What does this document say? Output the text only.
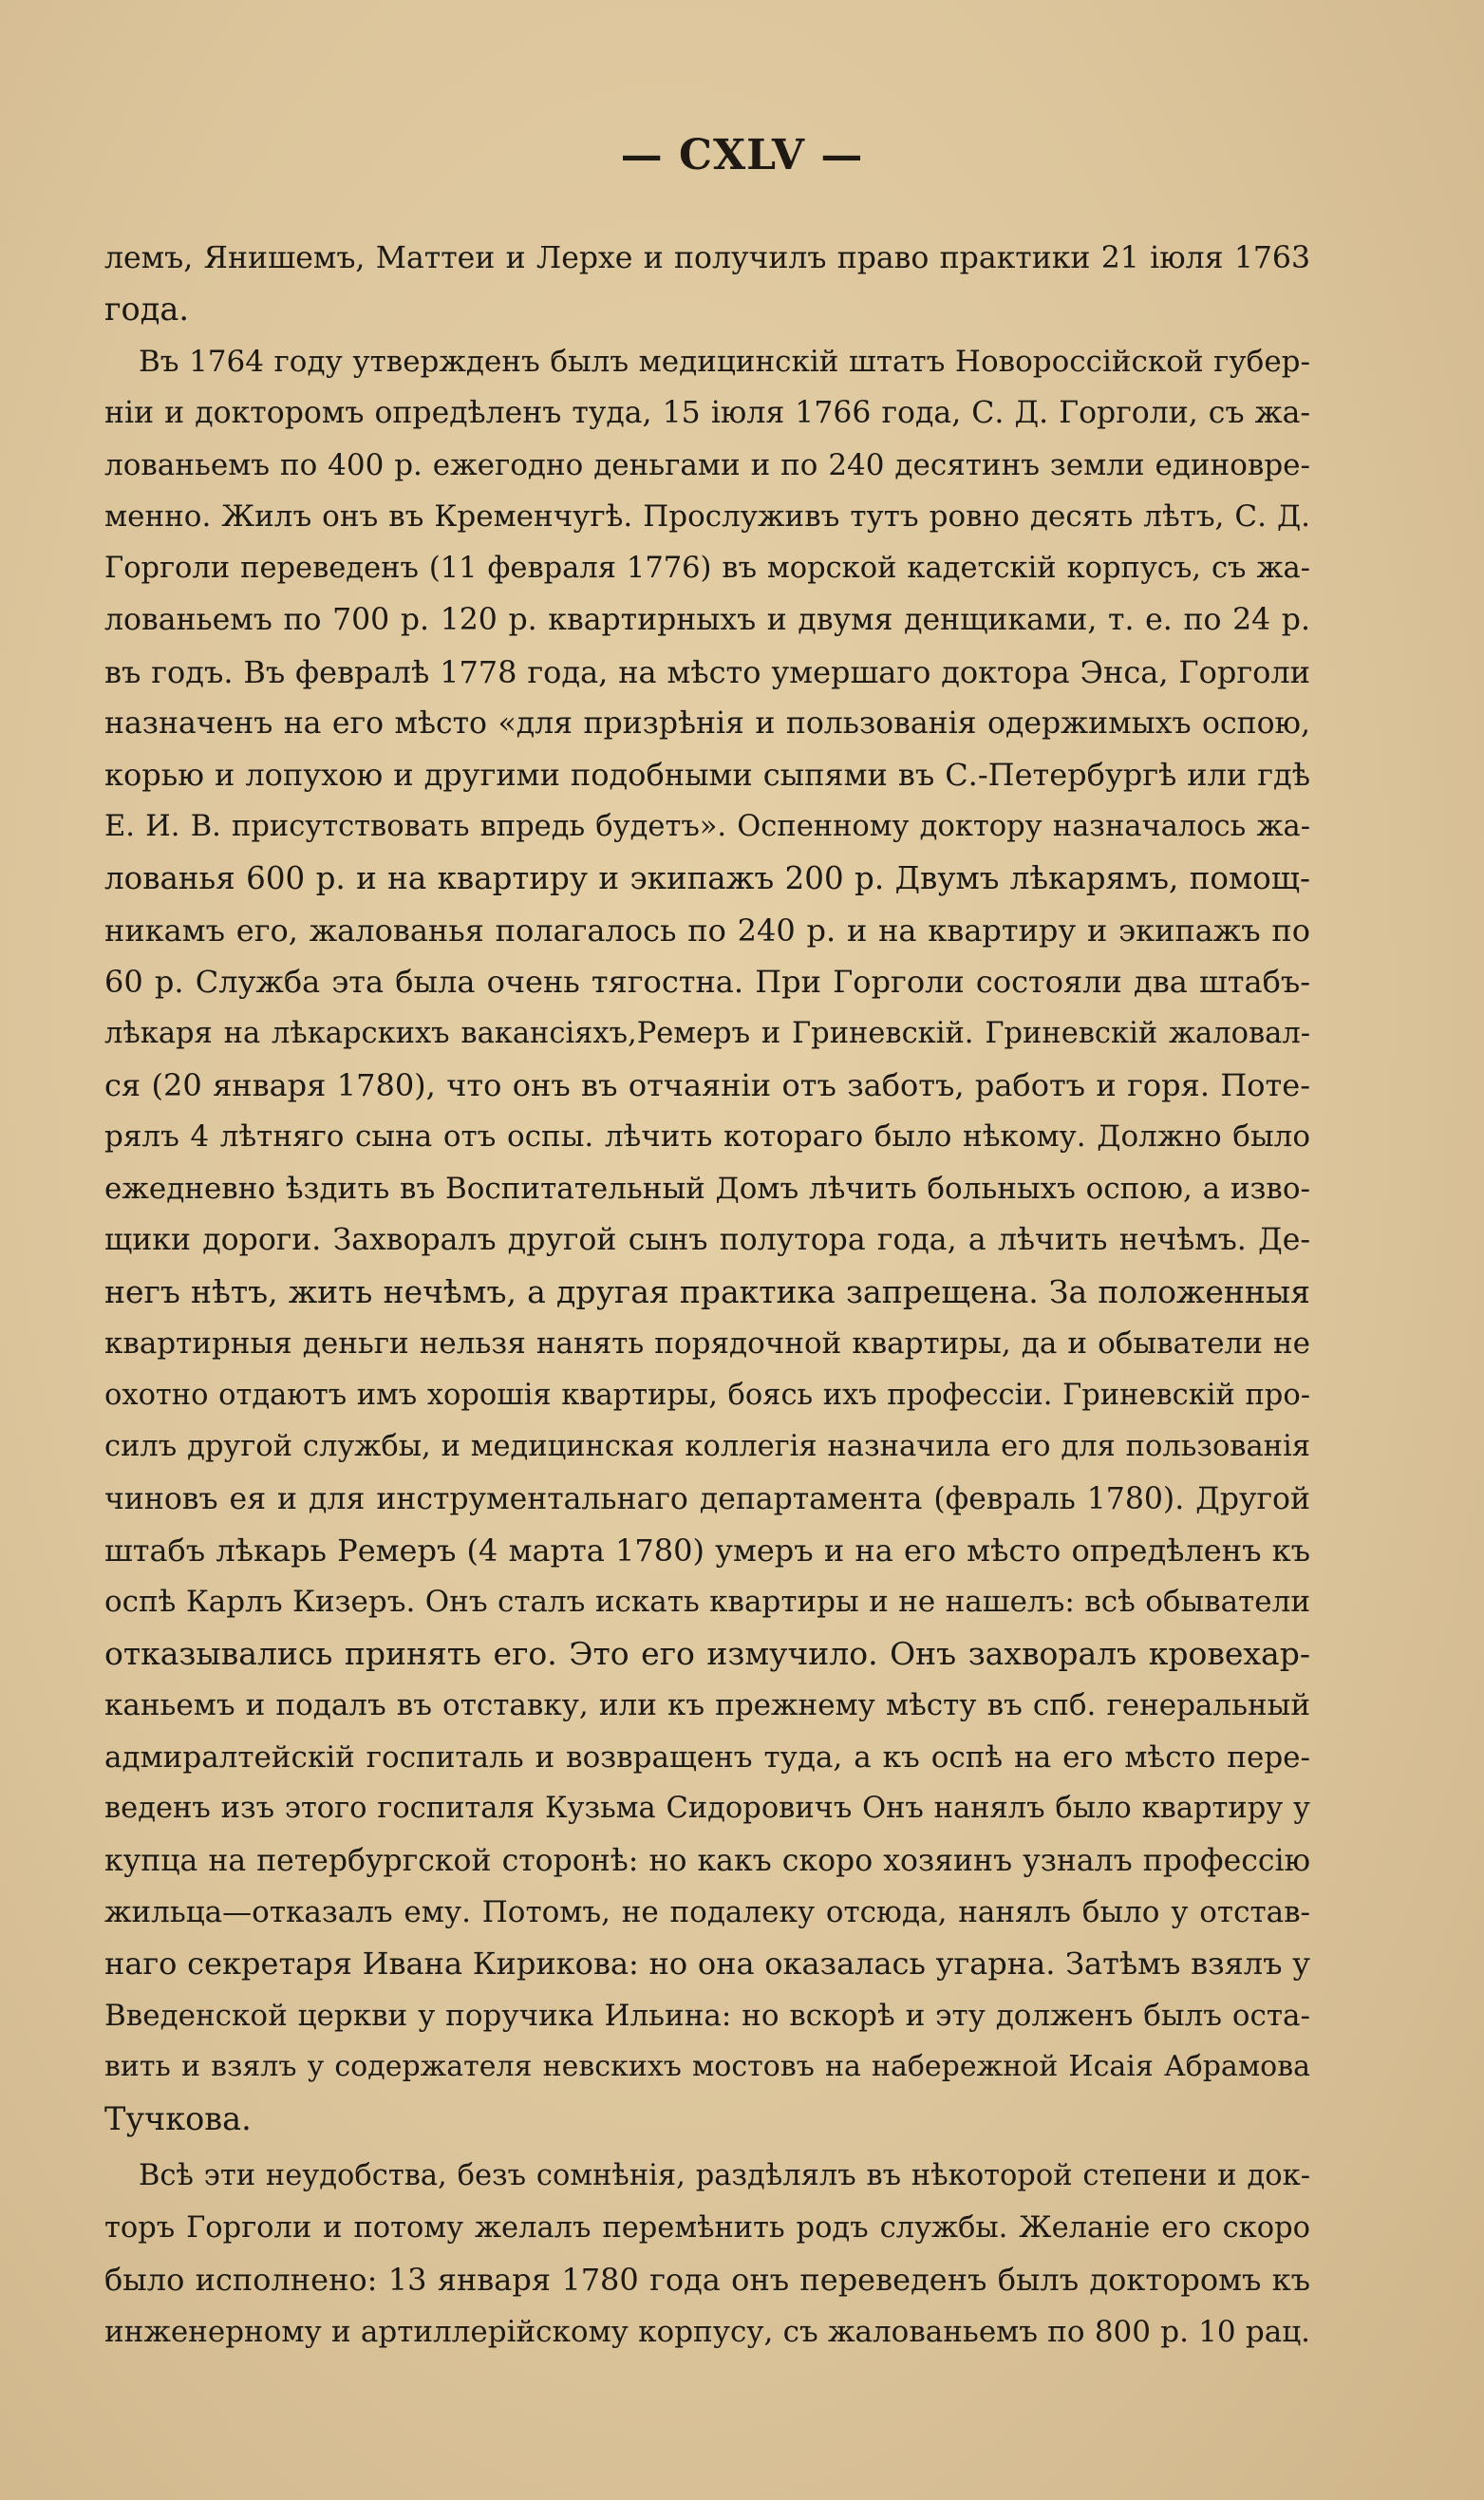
— CXLV —
лемъ, Янишемъ, Маттеи и Лерхе и получилъ право практики 21 іюля 1763
года.
Въ 1764 году утвержденъ былъ медицинскій штатъ Новороссійской губер-
ніи и докторомъ опредѣленъ туда, 15 іюля 1766 года, С. Д. Горголи, съ жа-
лованьемъ по 400 р. ежегодно деньгами и по 240 десятинъ земли единовре-
менно. Жилъ онъ въ Кременчугѣ. Прослуживъ тутъ ровно десять лѣтъ, С. Д.
Горголи переведенъ (11 февраля 1776) въ морской кадетскій корпусъ, съ жа-
лованьемъ по 700 р. 120 р. квартирныхъ и двумя денщиками, т. е. по 24 р.
въ годъ. Въ февралѣ 1778 года, на мѣсто умершаго доктора Энса, Горголи
назначенъ на его мѣсто «для призрѣнія и пользованія одержимыхъ оспою,
корью и лопухою и другими подобными сыпями въ С.-Петербургѣ или гдѣ
Е. И. В. присутствовать впредь будетъ». Оспенному доктору назначалось жа-
лованья 600 р. и на квартиру и экипажъ 200 р. Двумъ лѣкарямъ, помощ-
никамъ его, жалованья полагалось по 240 р. и на квартиру и экипажъ по
60 р. Служба эта была очень тягостна. При Горголи состояли два штабъ-
лѣкаря на лѣкарскихъ вакансіяхъ,Ремеръ и Гриневскій. Гриневскій жаловал-
ся (20 января 1780), что онъ въ отчаяніи отъ заботъ, работъ и горя. Поте-
рялъ 4 лѣтняго сына отъ оспы. лѣчить котораго было нѣкому. Должно было
ежедневно ѣздить въ Воспитательный Домъ лѣчить больныхъ оспою, а изво-
щики дороги. Захворалъ другой сынъ полутора года, а лѣчить нечѣмъ. Де-
негъ нѣтъ, жить нечѣмъ, а другая практика запрещена. За положенныя
квартирныя деньги нельзя нанять порядочной квартиры, да и обыватели не
охотно отдаютъ имъ хорошія квартиры, боясь ихъ профессіи. Гриневскій про-
силъ другой службы, и медицинская коллегія назначила его для пользованія
чиновъ ея и для инструментальнаго департамента (февраль 1780). Другой
штабъ лѣкарь Ремеръ (4 марта 1780) умеръ и на его мѣсто опредѣленъ къ
оспѣ Карлъ Кизеръ. Онъ сталъ искать квартиры и не нашелъ: всѣ обыватели
отказывались принять его. Это его измучило. Онъ захворалъ кровехар-
каньемъ и подалъ въ отставку, или къ прежнему мѣсту въ спб. генеральный
адмиралтейскій госпиталь и возвращенъ туда, а къ оспѣ на его мѣсто пере-
веденъ изъ этого госпиталя Кузьма Сидоровичъ Онъ нанялъ было квартиру у
купца на петербургской сторонѣ: но какъ скоро хозяинъ узналъ профессію
жильца—отказалъ ему. Потомъ, не подалеку отсюда, нанялъ было у отстав-
наго секретаря Ивана Кирикова: но она оказалась угарна. Затѣмъ взялъ у
Введенской церкви у поручика Ильина: но вскорѣ и эту долженъ былъ оста-
вить и взялъ у содержателя невскихъ мостовъ на набережной Исаія Абрамова
Тучкова.
Всѣ эти неудобства, безъ сомнѣнія, раздѣлялъ въ нѣкоторой степени и док-
торъ Горголи и потому желалъ перемѣнить родъ службы. Желаніе его скоро
было исполнено: 13 января 1780 года онъ переведенъ былъ докторомъ къ
инженерному и артиллерійскому корпусу, съ жалованьемъ по 800 р. 10 рац.
